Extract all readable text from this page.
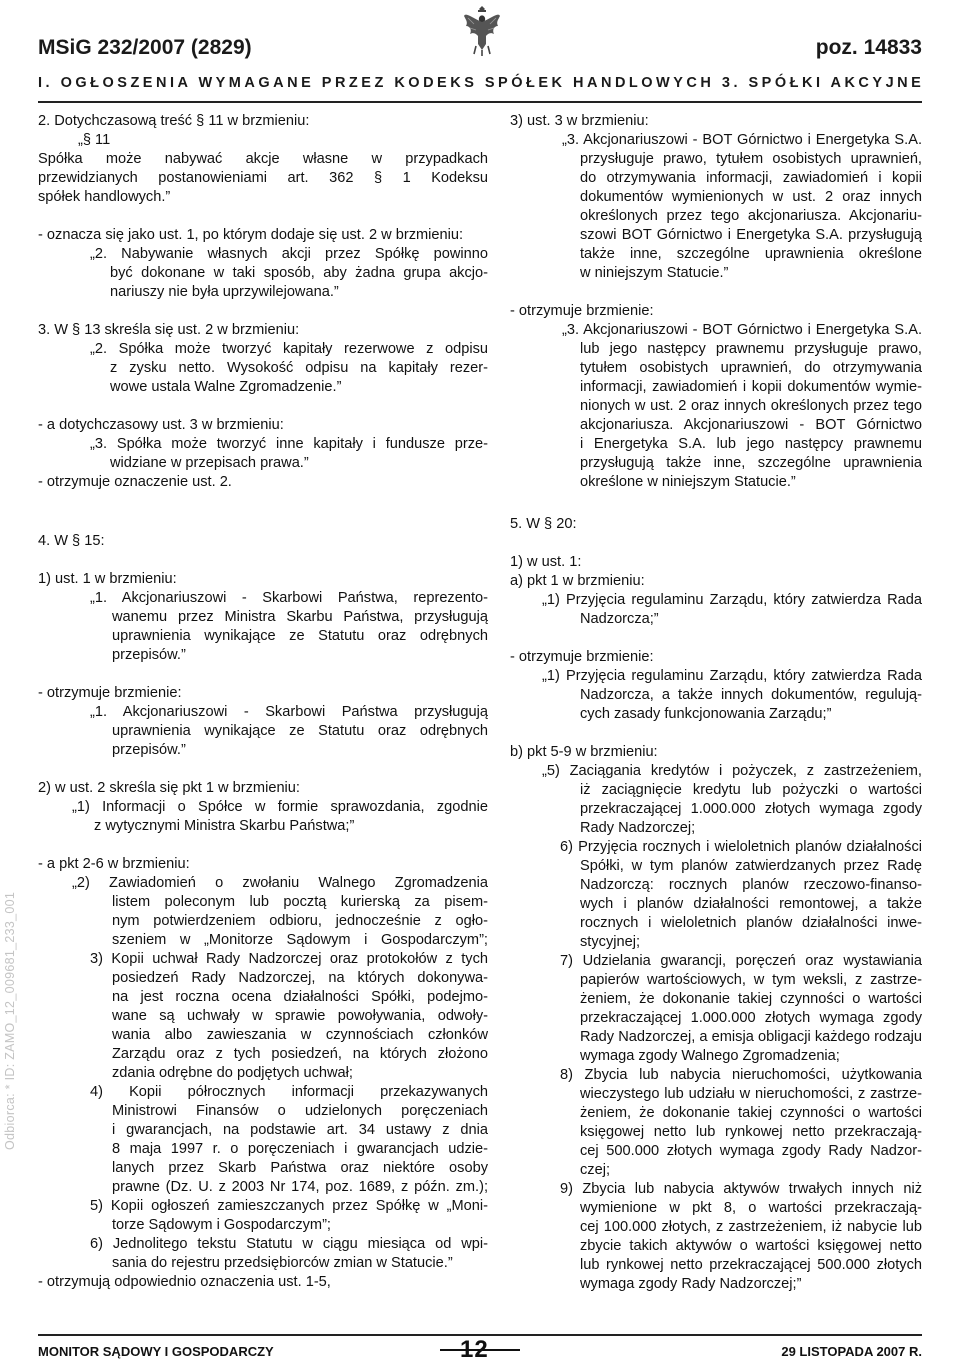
MSiG 232/2007 (2829)	poz. 14833
I. OGŁOSZENIA WYMAGANE PRZEZ KODEKS SPÓŁEK HANDLOWYCH 3. SPÓŁKI AKCYJNE
Odbiorca: * ID: ZAMO_12_009681_233_001
2. Dotychczasową treść § 11 w brzmieniu:
„§ 11
Spółka może nabywać akcje własne w przypadkach
przewidzianych postanowieniami art. 362 § 1 Kodeksu
spółek handlowych.”
- oznacza się jako ust. 1, po którym dodaje się ust. 2 w brzmieniu:
„2. Nabywanie własnych akcji przez Spółkę powinno
być dokonane w taki sposób, aby żadna grupa akcjo-
nariuszy nie była uprzywilejowana.”
3. W § 13 skreśla się ust. 2 w brzmieniu:
„2. Spółka może tworzyć kapitały rezerwowe z odpisu
z zysku netto. Wysokość odpisu na kapitały rezer-
wowe ustala Walne Zgromadzenie.”
- a dotychczasowy ust. 3 w brzmieniu:
„3. Spółka może tworzyć inne kapitały i fundusze prze-
widziane w przepisach prawa.”
- otrzymuje oznaczenie ust. 2.
4. W § 15:
1) ust. 1 w brzmieniu:
„1. Akcjonariuszowi - Skarbowi Państwa, reprezento-
wanemu przez Ministra Skarbu Państwa, przysługują
uprawnienia wynikające ze Statutu oraz odrębnych
przepisów.”
- otrzymuje brzmienie:
„1. Akcjonariuszowi - Skarbowi Państwa przysługują
uprawnienia wynikające ze Statutu oraz odrębnych
przepisów.”
2) w ust. 2 skreśla się pkt 1 w brzmieniu:
„1) Informacji o Spółce w formie sprawozdania, zgodnie
z wytycznymi Ministra Skarbu Państwa;”
- a pkt 2-6 w brzmieniu:
„2) Zawiadomień o zwołaniu Walnego Zgromadzenia
listem poleconym lub pocztą kurierską za pisem-
nym potwierdzeniem odbioru, jednocześnie z ogło-
szeniem w „Monitorze Sądowym i Gospodarczym”;
3) Kopii uchwał Rady Nadzorczej oraz protokołów z tych
posiedzeń Rady Nadzorczej, na których dokonywa-
na jest roczna ocena działalności Spółki, podejmo-
wane są uchwały w sprawie powoływania, odwoły-
wania albo zawieszania w czynnościach członków
Zarządu oraz z tych posiedzeń, na których złożono
zdania odrębne do podjętych uchwał;
4) Kopii półrocznych informacji przekazywanych
Ministrowi Finansów o udzielonych poręczeniach
i gwarancjach, na podstawie art. 34 ustawy z dnia
8 maja 1997 r. o poręczeniach i gwarancjach udzie-
lanych przez Skarb Państwa oraz niektóre osoby
prawne (Dz. U. z 2003 Nr 174, poz. 1689, z późn. zm.);
5) Kopii ogłoszeń zamieszczanych przez Spółkę w „Moni-
torze Sądowym i Gospodarczym”;
6) Jednolitego tekstu Statutu w ciągu miesiąca od wpi-
sania do rejestru przedsiębiorców zmian w Statucie.”
- otrzymują odpowiednio oznaczenia ust. 1-5,
3) ust. 3 w brzmieniu:
„3. Akcjonariuszowi - BOT Górnictwo i Energetyka S.A.
przysługuje prawo, tytułem osobistych uprawnień,
do otrzymywania informacji, zawiadomień i kopii
dokumentów wymienionych w ust. 2 oraz innych
określonych przez tego akcjonariusza. Akcjonariu-
szowi BOT Górnictwo i Energetyka S.A. przysługują
także inne, szczególne uprawnienia określone
w niniejszym Statucie.”
- otrzymuje brzmienie:
„3. Akcjonariuszowi - BOT Górnictwo i Energetyka S.A.
lub jego następcy prawnemu przysługuje prawo,
tytułem osobistych uprawnień, do otrzymywania
informacji, zawiadomień i kopii dokumentów wymie-
nionych w ust. 2 oraz innych określonych przez tego
akcjonariusza. Akcjonariuszowi - BOT Górnictwo
i Energetyka S.A. lub jego następcy prawnemu
przysługują także inne, szczególne uprawnienia
określone w niniejszym Statucie.”
5. W § 20:
1) w ust. 1:
a) pkt 1 w brzmieniu:
„1) Przyjęcia regulaminu Zarządu, który zatwierdza Rada
Nadzorcza;”
- otrzymuje brzmienie:
„1) Przyjęcia regulaminu Zarządu, który zatwierdza Rada
Nadzorcza, a także innych dokumentów, regulują-
cych zasady funkcjonowania Zarządu;”
b) pkt 5-9 w brzmieniu:
„5) Zaciągania kredytów i pożyczek, z zastrzeżeniem,
iż zaciągnięcie kredytu lub pożyczki o wartości
przekraczającej 1.000.000 złotych wymaga zgody
Rady Nadzorczej;
6) Przyjęcia rocznych i wieloletnich planów działalności
Spółki, w tym planów zatwierdzanych przez Radę
Nadzorczą: rocznych planów rzeczowo-finanso-
wych i planów działalności remontowej, a także
rocznych i wieloletnich planów działalności inwe-
stycyjnej;
7) Udzielania gwarancji, poręczeń oraz wystawiania
papierów wartościowych, w tym weksli, z zastrze-
żeniem, że dokonanie takiej czynności o wartości
przekraczającej 1.000.000 złotych wymaga zgody
Rady Nadzorczej, a emisja obligacji każdego rodzaju
wymaga zgody Walnego Zgromadzenia;
8) Zbycia lub nabycia nieruchomości, użytkowania
wieczystego lub udziału w nieruchomości, z zastrze-
żeniem, że dokonanie takiej czynności o wartości
księgowej netto lub rynkowej netto przekraczają-
cej 500.000 złotych wymaga zgody Rady Nadzor-
czej;
9) Zbycia lub nabycia aktywów trwałych innych niż
wymienione w pkt 8, o wartości przekraczają-
cej 100.000 złotych, z zastrzeżeniem, iż nabycie lub
zbycie takich aktywów o wartości księgowej netto
lub rynkowej netto przekraczającej 500.000 złotych
wymaga zgody Rady Nadzorczej;”
MONITOR SĄDOWY I GOSPODARCZY	12	29 LISTOPADA 2007 R.
